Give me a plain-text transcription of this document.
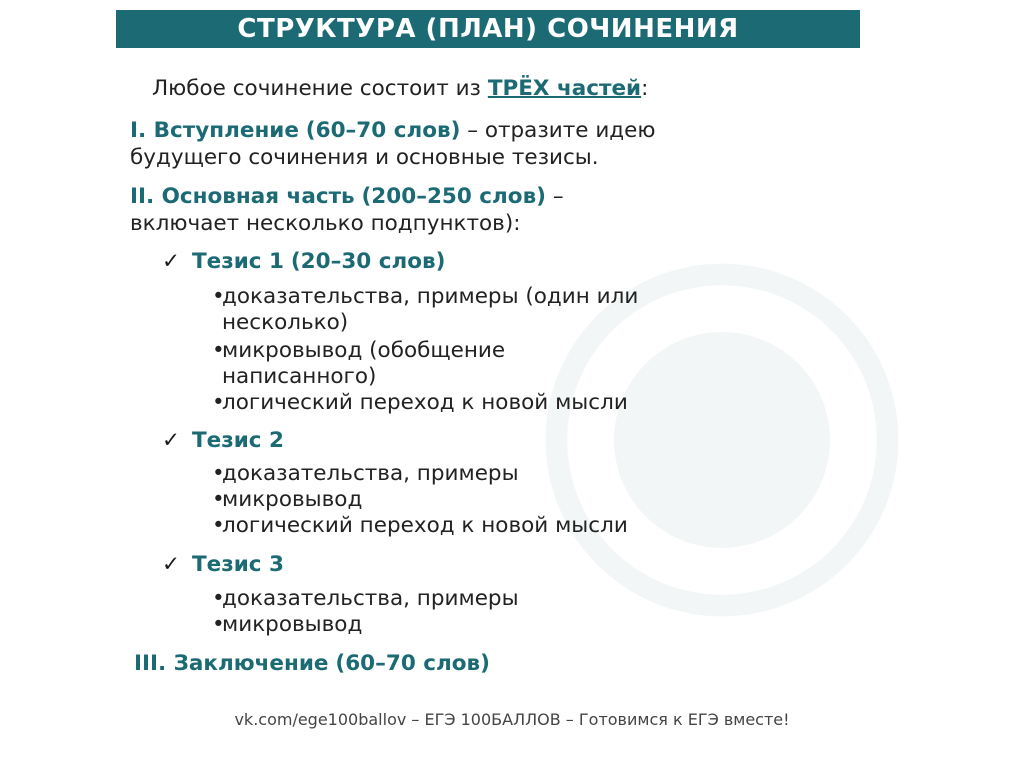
СТРУКТУРА (ПЛАН) СОЧИНЕНИЯ
Любое сочинение состоит из ТРЁХ частей:
I. Вступление (60–70 слов) – отразите идею
будущего сочинения и основные тезисы.
II. Основная часть (200–250 слов) –
включает несколько подпунктов):
✓ Тезис 1 (20–30 слов)
•доказательства, примеры (один или
несколько)
•микровывод (обобщение
написанного)
•логический переход к новой мысли
✓ Тезис 2
•доказательства, примеры
•микровывод
•логический переход к новой мысли
✓ Тезис 3
•доказательства, примеры
•микровывод
III. Заключение (60–70 слов)
vk.com/ege100ballov – ЕГЭ 100БАЛЛОВ – Готовимся к ЕГЭ вместе!
